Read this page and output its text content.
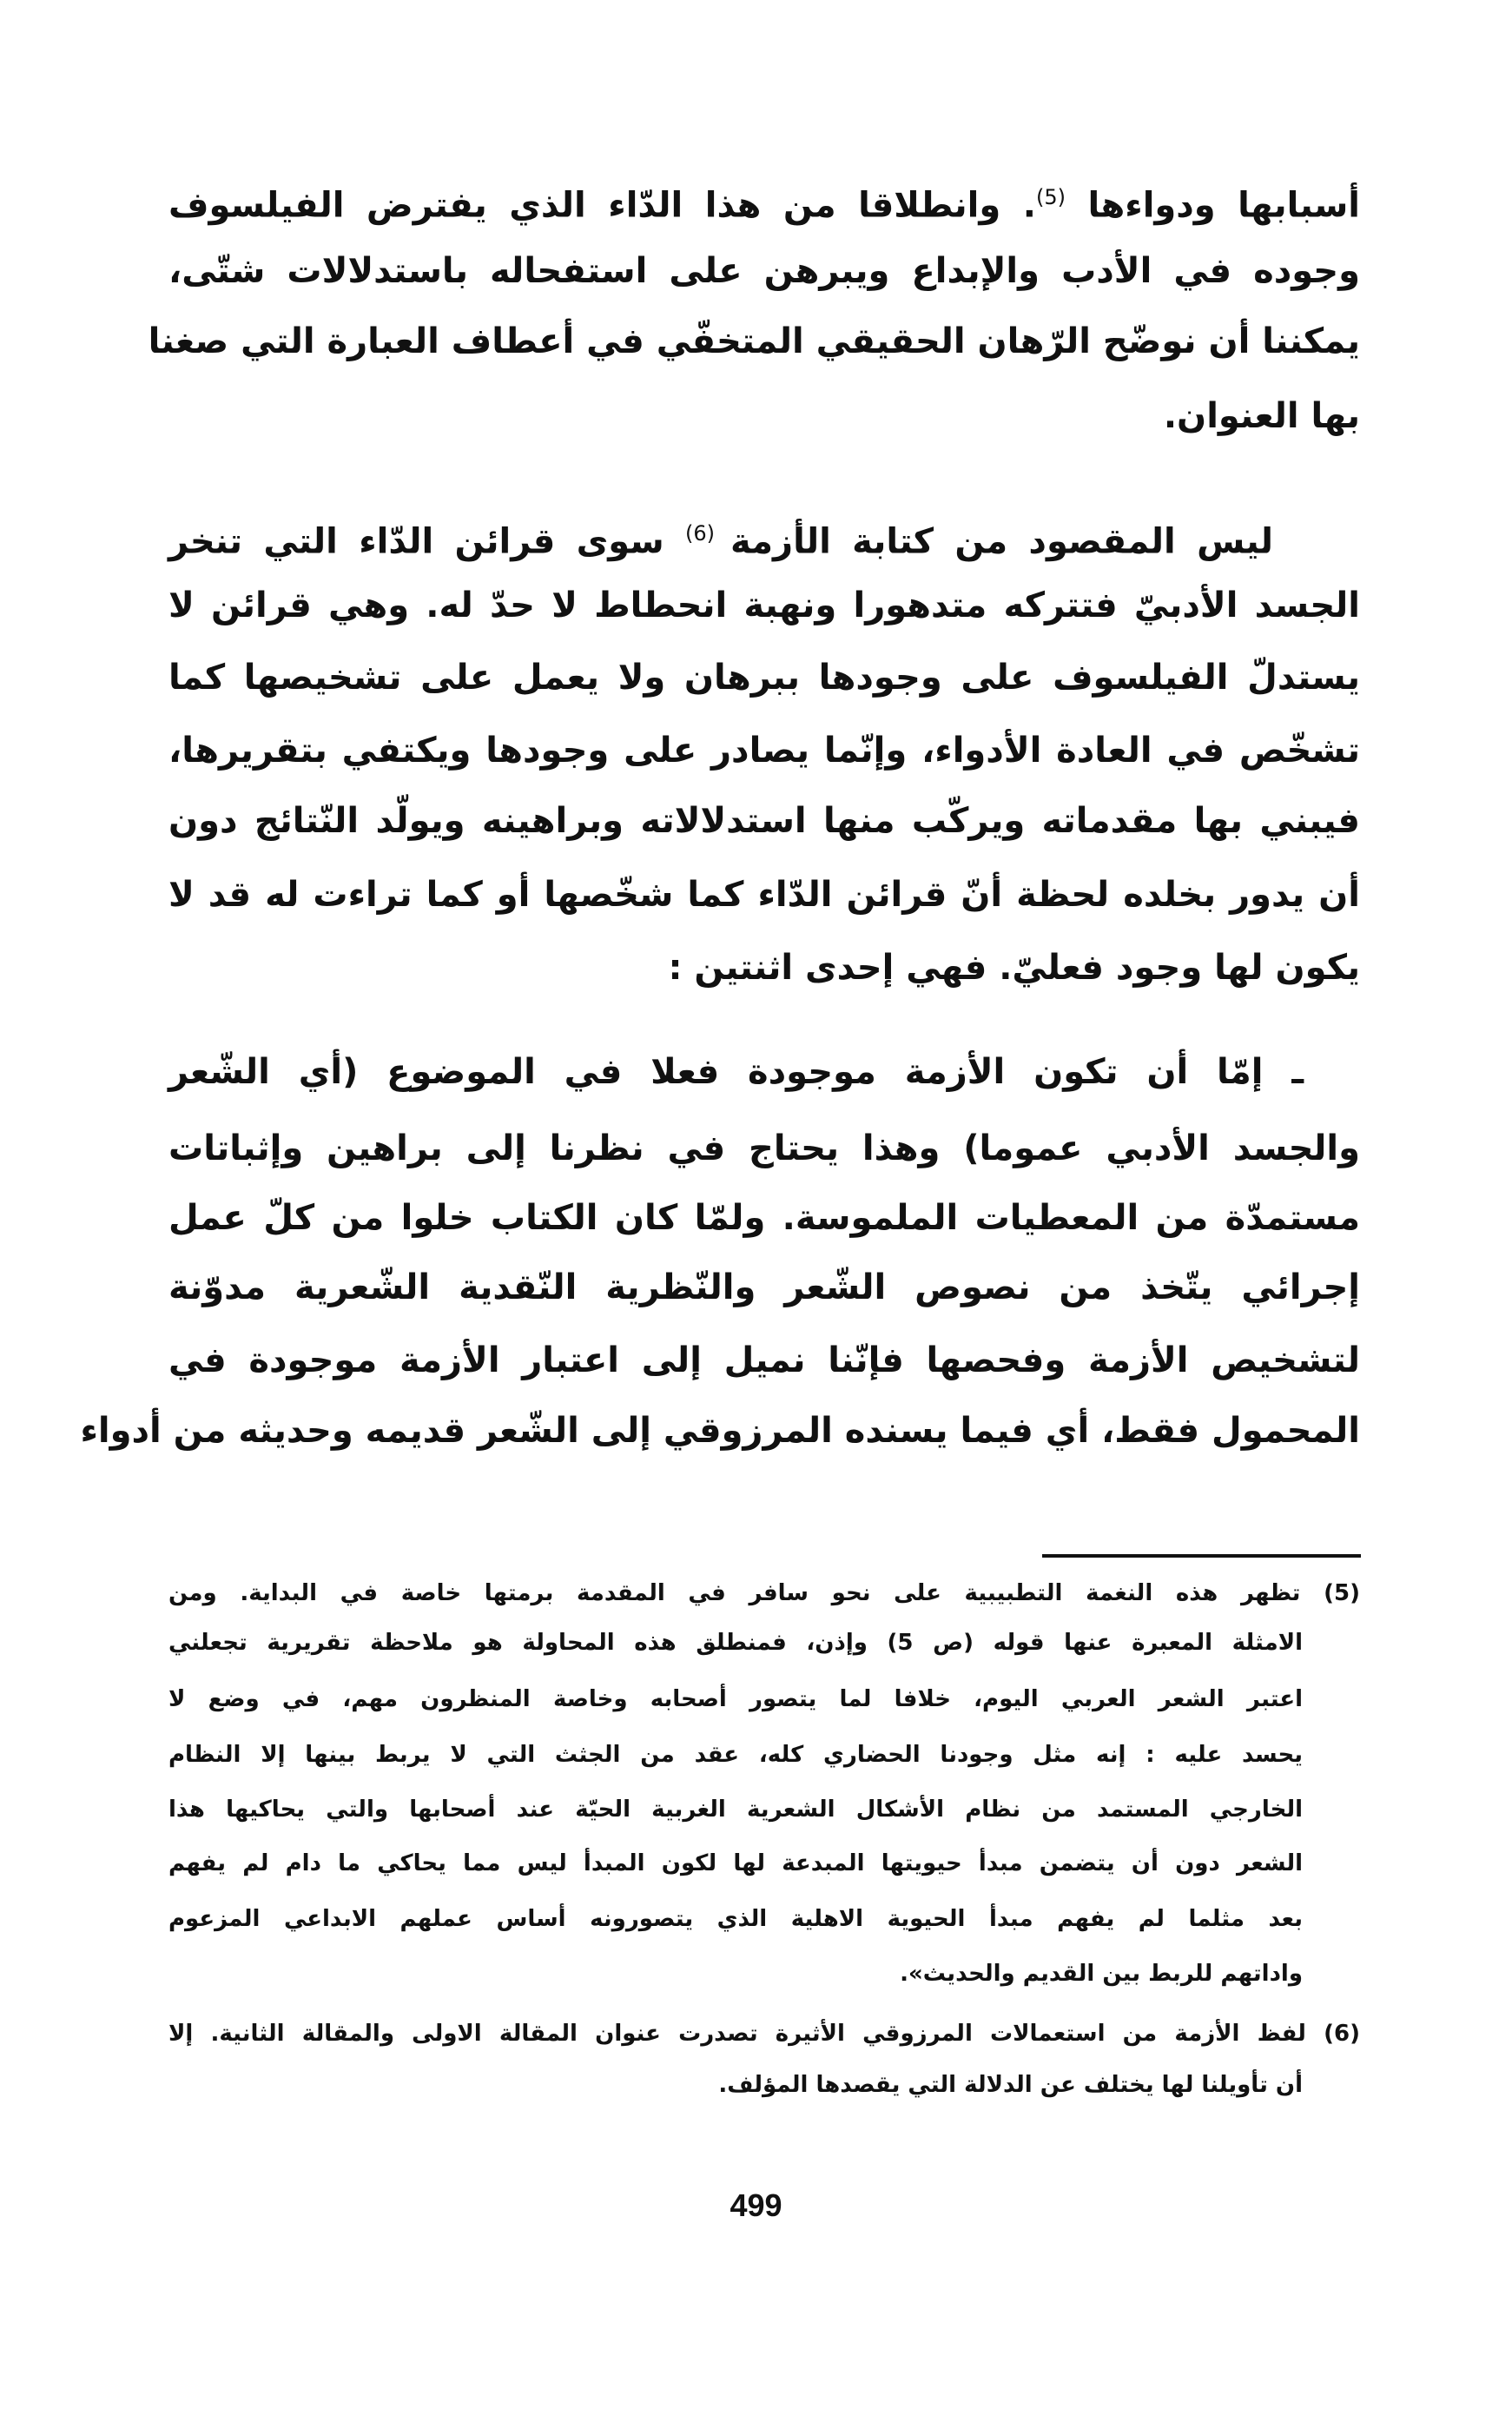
أسبابها ودواءها $^{(5)}$. وانطلاقا من هذا الدّاء الذي يفترض الفيلسوف
وجوده في الأدب والإبداع ويبرهن على استفحاله باستدلالات شتّى،
يمكننا أن نوضّح الرّهان الحقيقي المتخفّي في أعطاف العبارة التي صغنا
بها العنوان.
ليس المقصود من كتابة الأزمة $^{(6)}$ سوى قرائن الدّاء التي تنخر
الجسد الأدبيّ فتتركه متدهورا ونهبة انحطاط لا حدّ له. وهي قرائن لا
يستدلّ الفيلسوف على وجودها ببرهان ولا يعمل على تشخيصها كما
تشخّص في العادة الأدواء، وإنّما يصادر على وجودها ويكتفي بتقريرها،
فيبني بها مقدماته ويركّب منها استدلالاته وبراهينه ويولّد النّتائج دون
أن يدور بخلده لحظة أنّ قرائن الدّاء كما شخّصها أو كما تراءت له قد لا
يكون لها وجود فعليّ. فهي إحدى اثنتين :
ـ إمّا أن تكون الأزمة موجودة فعلا في الموضوع (أي الشّعر
والجسد الأدبي عموما) وهذا يحتاج في نظرنا إلى براهين وإثباتات
مستمدّة من المعطيات الملموسة. ولمّا كان الكتاب خلوا من كلّ عمل
إجرائي يتّخذ من نصوص الشّعر والنّظرية النّقدية الشّعرية مدوّنة
لتشخيص الأزمة وفحصها فإنّنا نميل إلى اعتبار الأزمة موجودة في
المحمول فقط، أي فيما يسنده المرزوقي إلى الشّعر قديمه وحديثه من أدواء
(5) تظهر هذه النغمة التطبيبية على نحو سافر في المقدمة برمتها خاصة في البداية. ومن
الامثلة المعبرة عنها قوله (ص 5) وإذن، فمنطلق هذه المحاولة هو ملاحظة تقريرية تجعلني
اعتبر الشعر العربي اليوم، خلافا لما يتصور أصحابه وخاصة المنظرون مهم، في وضع لا
يحسد عليه : إنه مثل وجودنا الحضاري كله، عقد من الجثث التي لا يربط بينها إلا النظام
الخارجي المستمد من نظام الأشكال الشعرية الغربية الحيّة عند أصحابها والتي يحاكيها هذا
الشعر دون أن يتضمن مبدأ حيويتها المبدعة لها لكون المبدأ ليس مما يحاكي ما دام لم يفهم
بعد مثلما لم يفهم مبدأ الحيوية الاهلية الذي يتصورونه أساس عملهم الابداعي المزعوم
واداتهم للربط بين القديم والحديث».
(6) لفظ الأزمة من استعمالات المرزوقي الأثيرة تصدرت عنوان المقالة الاولى والمقالة الثانية. إلا
أن تأويلنا لها يختلف عن الدلالة التي يقصدها المؤلف.
499
